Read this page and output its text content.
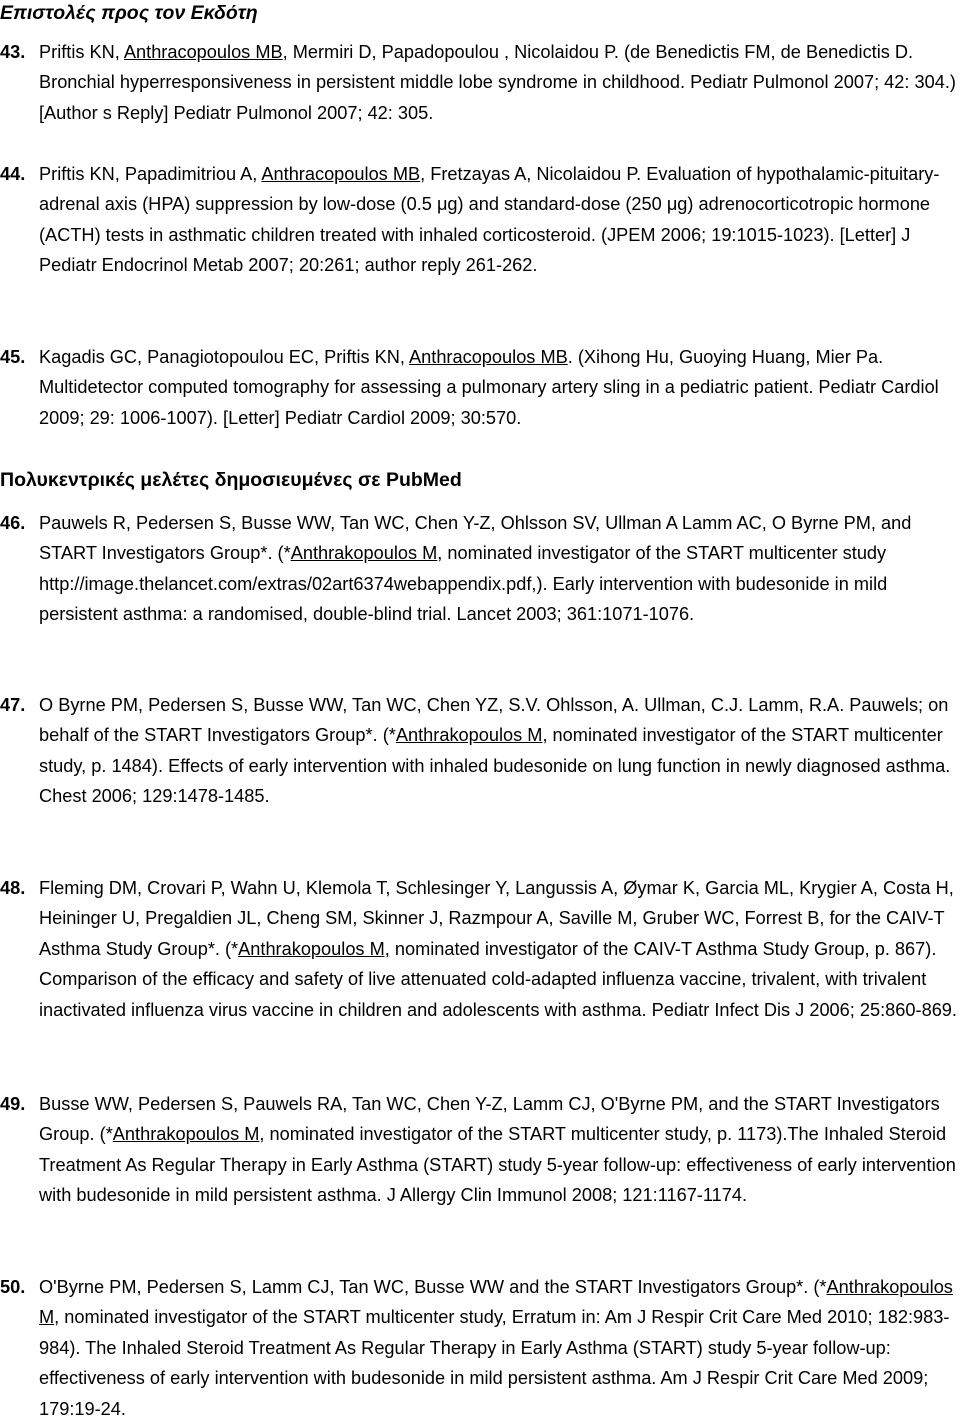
Επιστολές προς τον Εκδότη
43. Priftis KN, Anthracopoulos MB, Mermiri D, Papadopoulou , Nicolaidou P. (de Benedictis FM, de Benedictis D. Bronchial hyperresponsiveness in persistent middle lobe syndrome in childhood. Pediatr Pulmonol 2007; 42: 304.) [Author s Reply] Pediatr Pulmonol 2007; 42: 305.
44. Priftis KN, Papadimitriou A, Anthracopoulos MB, Fretzayas A, Nicolaidou P. Evaluation of hypothalamic-pituitary-adrenal axis (HPA) suppression by low-dose (0.5 μg) and standard-dose (250 μg) adrenocorticotropic hormone (ACTH) tests in asthmatic children treated with inhaled corticosteroid. (JPEM 2006; 19:1015-1023). [Letter] J Pediatr Endocrinol Metab 2007; 20:261; author reply 261-262.
45. Kagadis GC, Panagiotopoulou EC, Priftis KN, Anthracopoulos MB. (Xihong Hu, Guoying Huang, Mier Pa. Multidetector computed tomography for assessing a pulmonary artery sling in a pediatric patient. Pediatr Cardiol 2009; 29: 1006-1007). [Letter] Pediatr Cardiol 2009; 30:570.
Πολυκεντρικές μελέτες δημοσιευμένες σε PubMed
46. Pauwels R, Pedersen S, Busse WW, Tan WC, Chen Y-Z, Ohlsson SV, Ullman A Lamm AC, O Byrne PM, and START Investigators Group*. (*Anthrakopoulos M, nominated investigator of the START multicenter study http://image.thelancet.com/extras/02art6374webappendix.pdf,). Early intervention with budesonide in mild persistent asthma: a randomised, double-blind trial. Lancet 2003; 361:1071-1076.
47. O Byrne PM, Pedersen S, Busse WW, Tan WC, Chen YZ, S.V. Ohlsson, A. Ullman, C.J. Lamm, R.A. Pauwels; on behalf of the START Investigators Group*. (*Anthrakopoulos M, nominated investigator of the START multicenter study, p. 1484). Effects of early intervention with inhaled budesonide on lung function in newly diagnosed asthma. Chest 2006; 129:1478-1485.
48. Fleming DM, Crovari P, Wahn U, Klemola T, Schlesinger Y, Langussis A, Øymar K, Garcia ML, Krygier A, Costa H, Heininger U, Pregaldien JL, Cheng SM, Skinner J, Razmpour A, Saville M, Gruber WC, Forrest B, for the CAIV-T Asthma Study Group*. (*Anthrakopoulos M, nominated investigator of the CAIV-T Asthma Study Group, p. 867). Comparison of the efficacy and safety of live attenuated cold-adapted influenza vaccine, trivalent, with trivalent inactivated influenza virus vaccine in children and adolescents with asthma. Pediatr Infect Dis J 2006; 25:860-869.
49. Busse WW, Pedersen S, Pauwels RA, Tan WC, Chen Y-Z, Lamm CJ, O'Byrne PM, and the START Investigators Group. (*Anthrakopoulos M, nominated investigator of the START multicenter study, p. 1173).The Inhaled Steroid Treatment As Regular Therapy in Early Asthma (START) study 5-year follow-up: effectiveness of early intervention with budesonide in mild persistent asthma. J Allergy Clin Immunol 2008; 121:1167-1174.
50. O'Byrne PM, Pedersen S, Lamm CJ, Tan WC, Busse WW and the START Investigators Group*. (*Anthrakopoulos M, nominated investigator of the START multicenter study, Erratum in: Am J Respir Crit Care Med 2010; 182:983-984). The Inhaled Steroid Treatment As Regular Therapy in Early Asthma (START) study 5-year follow-up: effectiveness of early intervention with budesonide in mild persistent asthma. Am J Respir Crit Care Med 2009; 179:19-24.
